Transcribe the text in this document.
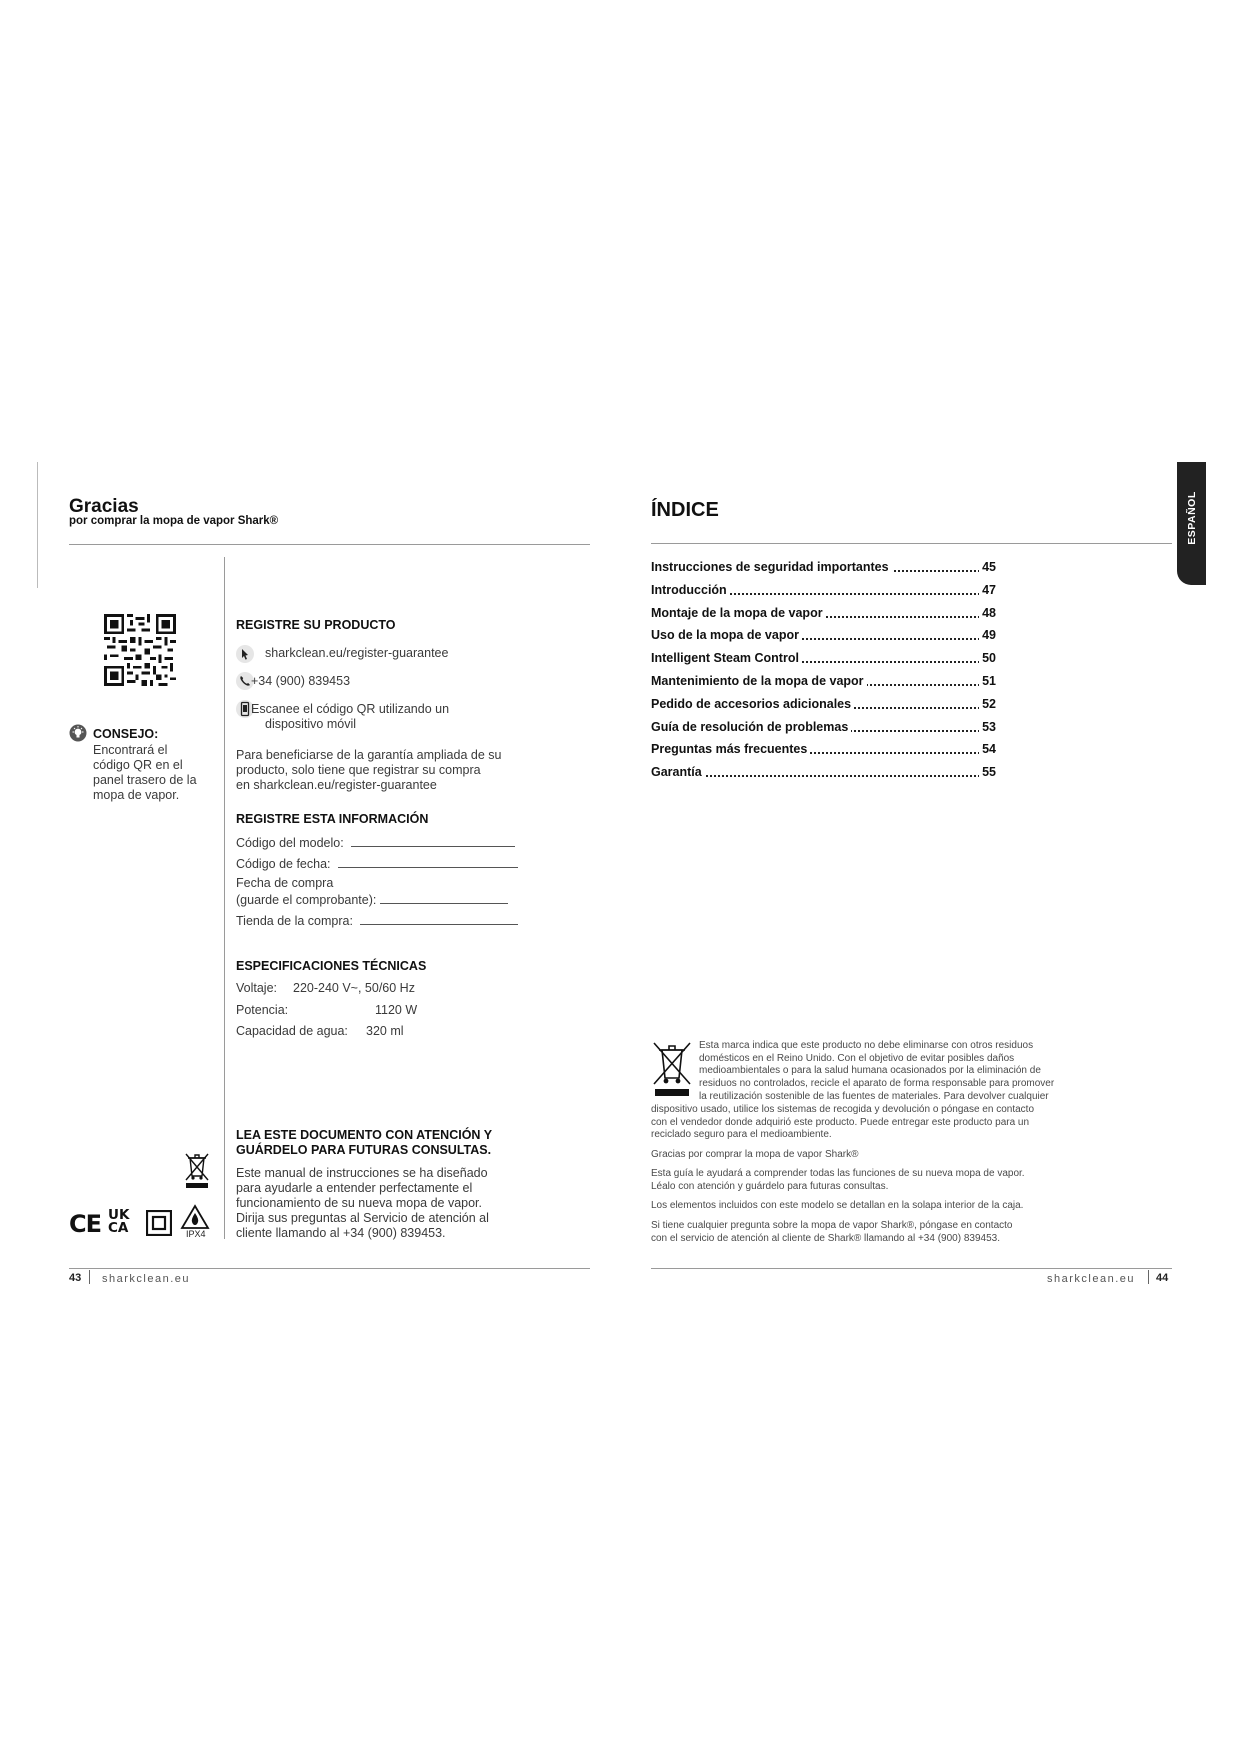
Gracias
por comprar la mopa de vapor Shark®
CONSEJO:
Encontrará el
código QR en el
panel trasero de la
mopa de vapor.
REGISTRE SU PRODUCTO
sharkclean.eu/register-guarantee
+34 (900) 839453
Escanee el código QR utilizando un
dispositivo móvil
Para beneficiarse de la garantía ampliada de su
producto, solo tiene que registrar su compra
en sharkclean.eu/register-guarantee
REGISTRE ESTA INFORMACIÓN
Código del modelo:
Código de fecha:
Fecha de compra
(guarde el comprobante):
Tienda de la compra:
ESPECIFICACIONES TÉCNICAS
Voltaje: 220-240 V~, 50/60 Hz
Potencia:	1120 W
Capacidad de agua: 320 ml
LEA ESTE DOCUMENTO CON ATENCIÓN Y
GUÁRDELO PARA FUTURAS CONSULTAS.
Este manual de instrucciones se ha diseñado
para ayudarle a entender perfectamente el
funcionamiento de su nueva mopa de vapor.
Dirija sus preguntas al Servicio de atención al
cliente llamando al +34 (900) 839453.
CE UK
CA	IPX4
43 sharkclean.eu
ÍNDICE	ESPAÑOL
Instrucciones de seguridad importantes	45
Introducción	47
Montaje de la mopa de vapor	48
Uso de la mopa de vapor	49
Intelligent Steam Control	50
Mantenimiento de la mopa de vapor	51
Pedido de accesorios adicionales	52
Guía de resolución de problemas	53
Preguntas más frecuentes	54
Garantía	55
Esta marca indica que este producto no debe eliminarse con otros residuos
domésticos en el Reino Unido. Con el objetivo de evitar posibles daños
medioambientales o para la salud humana ocasionados por la eliminación de
residuos no controlados, recicle el aparato de forma responsable para promover
la reutilización sostenible de las fuentes de materiales. Para devolver cualquier
dispositivo usado, utilice los sistemas de recogida y devolución o póngase en contacto
con el vendedor donde adquirió este producto. Puede entregar este producto para un
reciclado seguro para el medioambiente.
Gracias por comprar la mopa de vapor Shark®
Esta guía le ayudará a comprender todas las funciones de su nueva mopa de vapor.
Léalo con atención y guárdelo para futuras consultas.
Los elementos incluidos con este modelo se detallan en la solapa interior de la caja.
Si tiene cualquier pregunta sobre la mopa de vapor Shark®, póngase en contacto
con el servicio de atención al cliente de Shark® llamando al +34 (900) 839453.
sharkclean.eu 44
